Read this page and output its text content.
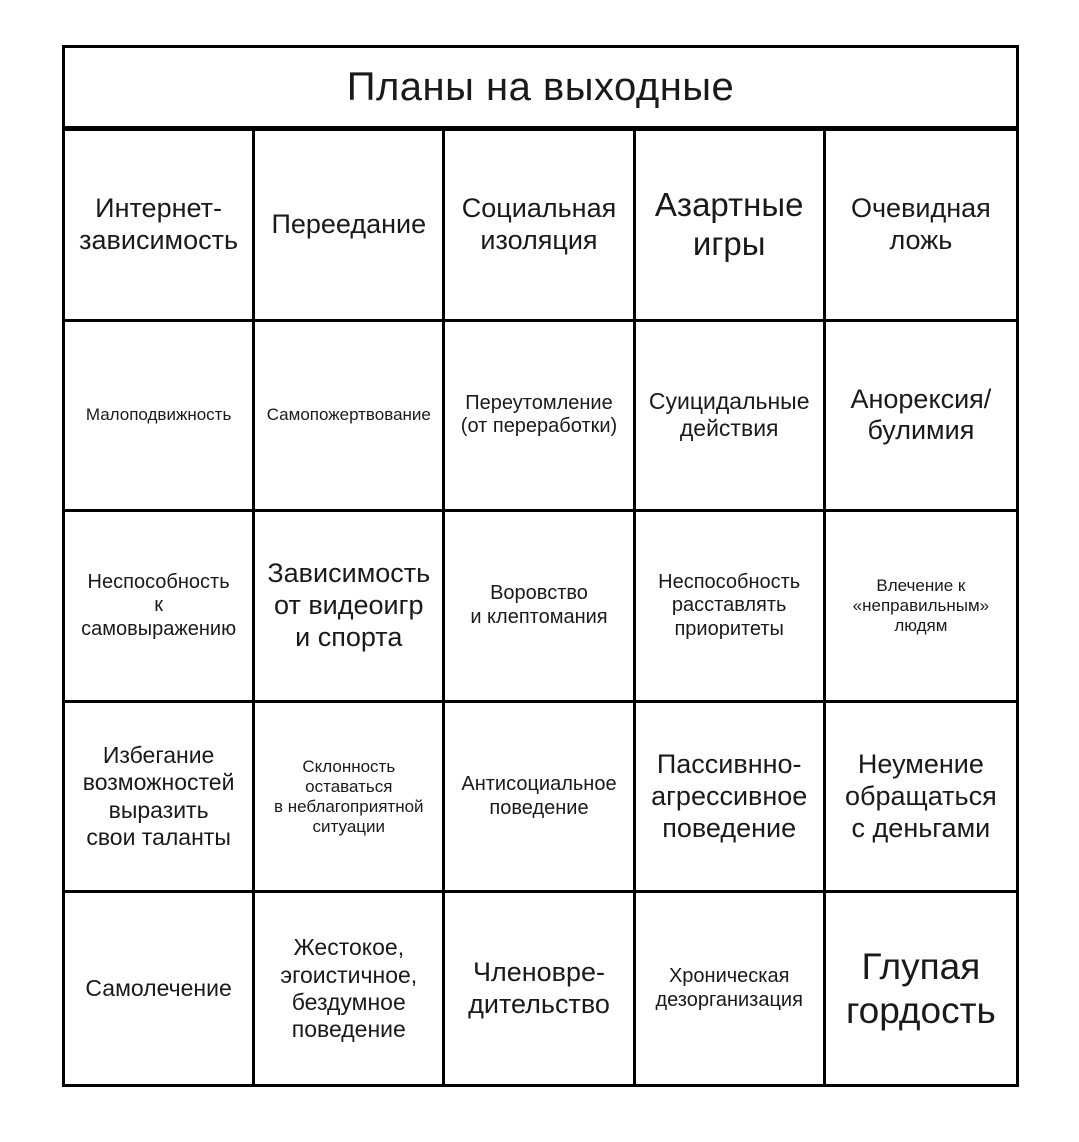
Планы на выходные
Интернет-
зависимость
Переедание
Социальная
изоляция
Азартные
игры
Очевидная
ложь
Малоподвижность Самопожертвование
Переутомление
(от переработки)
Суицидальные
действия
Анорексия/
булимия
Неспособность
к
самовыражению
Зависимость
от видеоигр
и спорта
Воровство
и клептомания
Неспособность
расставлять
приоритеты
Влечение к
«неправильным»
людям
Избегание
возможностей
выразить
свои таланты
Склонность
оставаться
в неблагоприятной
ситуации
Антисоциальное
поведение
Пассивнно-
агрессивное
поведение
Неумение
обращаться
с деньгами
Самолечение
Жестокое,
эгоистичное,
бездумное
поведение
Членовре-
дительство
Хроническая
дезорганизация
Глупая
гордость
